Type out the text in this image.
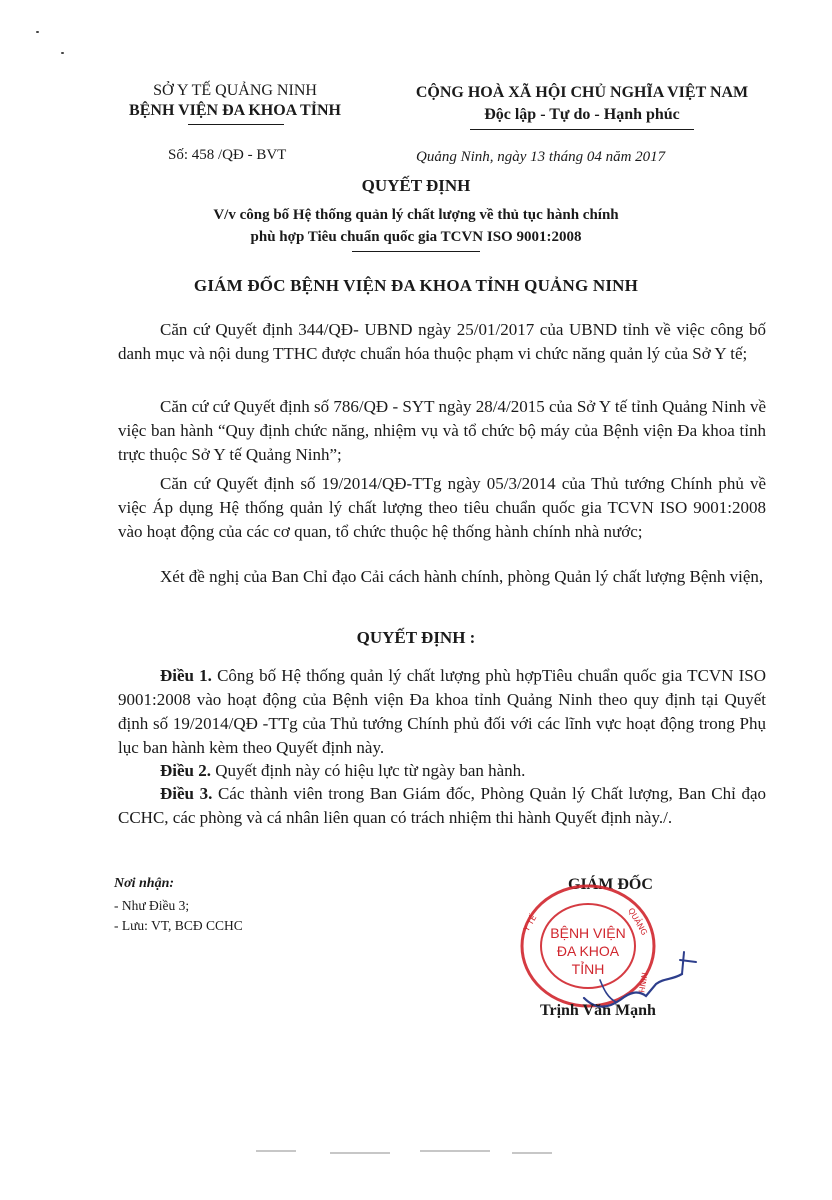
SỞ Y TẾ QUẢNG NINH
BỆNH VIỆN ĐA KHOA TỈNH
CỘNG HOÀ XÃ HỘI CHỦ NGHĨA VIỆT NAM
Độc lập - Tự do - Hạnh phúc
Số: 458 /QĐ - BVT	Quảng Ninh, ngày 13 tháng 04 năm 2017
QUYẾT ĐỊNH
V/v công bố Hệ thống quản lý chất lượng về thủ tục hành chính
phù hợp Tiêu chuẩn quốc gia TCVN ISO 9001:2008
GIÁM ĐỐC BỆNH VIỆN ĐA KHOA TỈNH QUẢNG NINH
Căn cứ Quyết định 344/QĐ- UBND ngày 25/01/2017 của UBND tỉnh về việc công bố danh mục và nội dung TTHC được chuẩn hóa thuộc phạm vi chức năng quản lý của Sở Y tế;
Căn cứ cứ Quyết định số 786/QĐ - SYT ngày 28/4/2015 của Sở Y tế tỉnh Quảng Ninh về việc ban hành “Quy định chức năng, nhiệm vụ và tổ chức bộ máy của Bệnh viện Đa khoa tỉnh trực thuộc Sở Y tế Quảng Ninh”;
Căn cứ Quyết định số 19/2014/QĐ-TTg ngày 05/3/2014 của Thủ tướng Chính phủ về việc Áp dụng Hệ thống quản lý chất lượng theo tiêu chuẩn quốc gia TCVN ISO 9001:2008 vào hoạt động của các cơ quan, tổ chức thuộc hệ thống hành chính nhà nước;
Xét đề nghị của Ban Chỉ đạo Cải cách hành chính, phòng Quản lý chất lượng Bệnh viện,
QUYẾT ĐỊNH :
Điều 1. Công bố Hệ thống quản lý chất lượng phù hợpTiêu chuẩn quốc gia TCVN ISO 9001:2008 vào hoạt động của Bệnh viện Đa khoa tỉnh Quảng Ninh theo quy định tại Quyết định số 19/2014/QĐ -TTg của Thủ tướng Chính phủ đối với các lĩnh vực hoạt động trong Phụ lục ban hành kèm theo Quyết định này.
Điều 2. Quyết định này có hiệu lực từ ngày ban hành.
Điều 3. Các thành viên trong Ban Giám đốc, Phòng Quản lý Chất lượng, Ban Chỉ đạo CCHC, các phòng và cá nhân liên quan có trách nhiệm thi hành Quyết định này./.
Nơi nhận:
- Như Điều 3;
- Lưu: VT, BCĐ CCHC
GIÁM ĐỐC
Y TẾ	QUẢNG
NINH
BỆNH VIỆN
ĐA KHOA
TỈNH
Trịnh Văn Mạnh
